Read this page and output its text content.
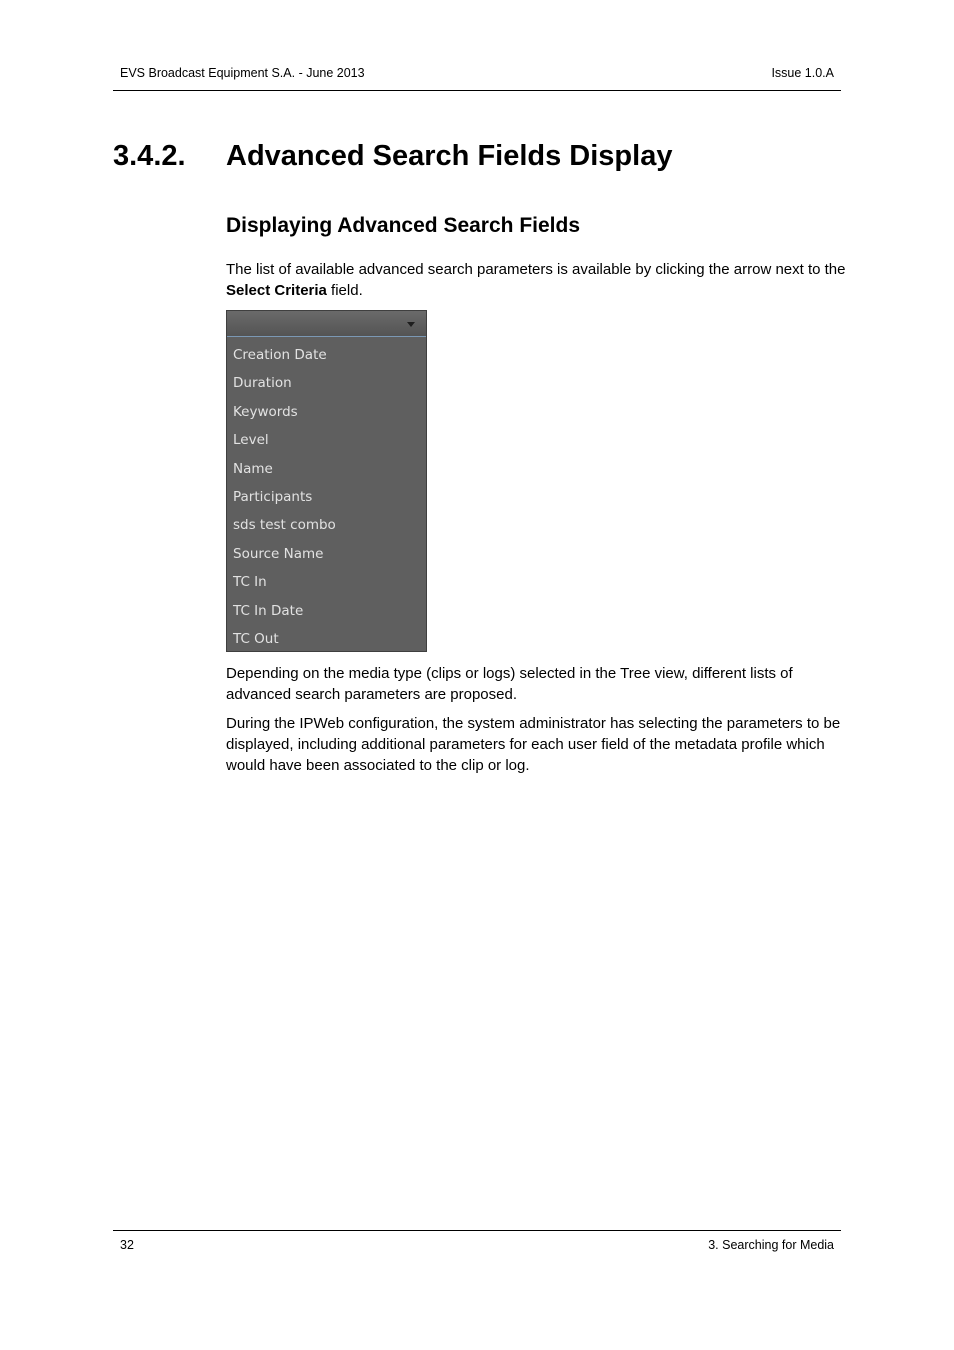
EVS Broadcast Equipment S.A. - June 2013	Issue 1.0.A
3.4.2. Advanced Search Fields Display
Displaying Advanced Search Fields

The list of available advanced search parameters is available by clicking the arrow next to the Select Criteria field.

Creation Date
Duration
Keywords
Level
Name
Participants
sds test combo
Source Name
TC In
TC In Date
TC Out

Depending on the media type (clips or logs) selected in the Tree view, different lists of advanced search parameters are proposed.

During the IPWeb configuration, the system administrator has selecting the parameters to be displayed, including additional parameters for each user field of the metadata profile which would have been associated to the clip or log.

32	3. Searching for Media
